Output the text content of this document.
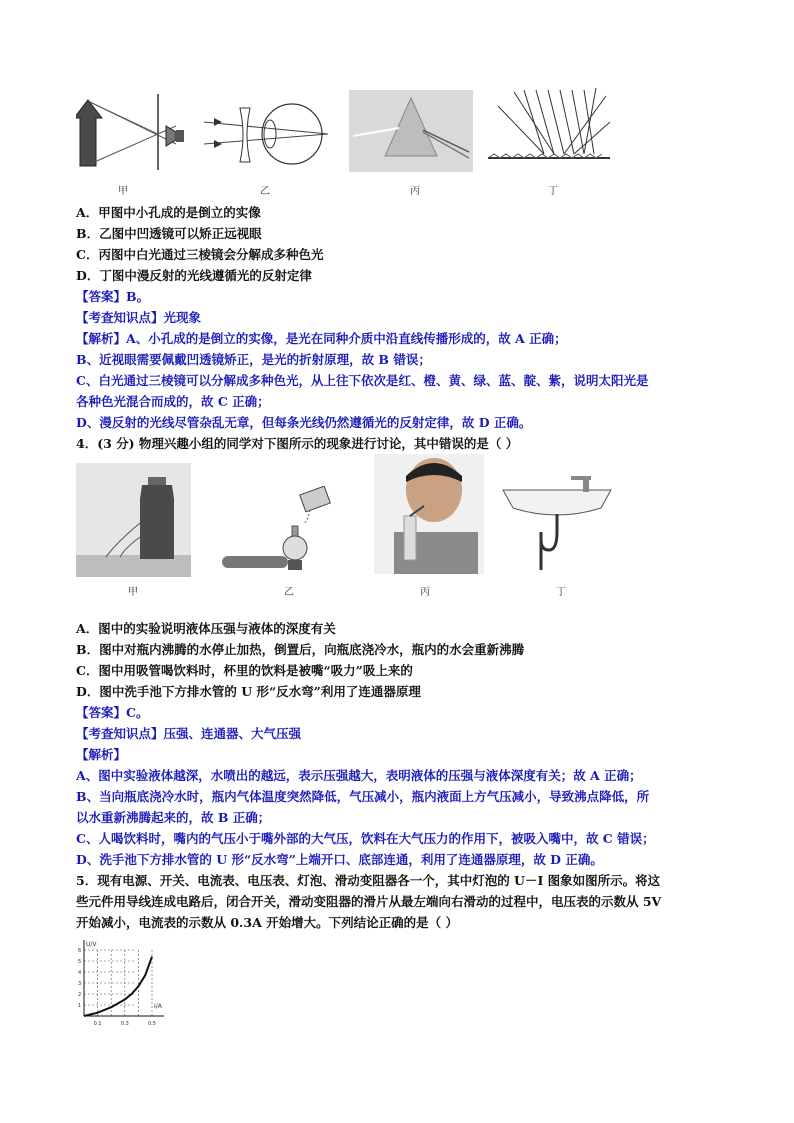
甲	乙	丙	丁
A．甲图中小孔成的是倒立的实像
B．乙图中凹透镜可以矫正远视眼
C．丙图中白光通过三棱镜会分解成多种色光
D．丁图中漫反射的光线遵循光的反射定律
【答案】B。
【考查知识点】光现象
【解析】A、小孔成的是倒立的实像，是光在同种介质中沿直线传播形成的，故 A 正确；
B、近视眼需要佩戴凹透镜矫正，是光的折射原理，故 B 错误；
C、白光通过三棱镜可以分解成多种色光，从上往下依次是红、橙、黄、绿、蓝、靛、紫，说明太阳光是
各种色光混合而成的，故 C 正确；
D、漫反射的光线尽管杂乱无章，但每条光线仍然遵循光的反射定律，故 D 正确。
4．(3 分) 物理兴趣小组的同学对下图所示的现象进行讨论，其中错误的是（ ）
甲	乙	丙	丁
A．图中的实验说明液体压强与液体的深度有关
B．图中对瓶内沸腾的水停止加热，倒置后，向瓶底浇冷水，瓶内的水会重新沸腾
C．图中用吸管喝饮料时，杯里的饮料是被嘴“吸力”吸上来的
D．图中洗手池下方排水管的 U 形“反水弯”利用了连通器原理
【答案】C。
【考查知识点】压强、连通器、大气压强
【解析】
A、图中实验液体越深，水喷出的越远，表示压强越大，表明液体的压强与液体深度有关；故 A 正确；
B、当向瓶底浇冷水时，瓶内气体温度突然降低，气压减小，瓶内液面上方气压减小，导致沸点降低，所
以水重新沸腾起来的，故 B 正确；
C、人喝饮料时，嘴内的气压小于嘴外部的大气压，饮料在大气压力的作用下，被吸入嘴中，故 C 错误；
D、洗手池下方排水管的 U 形“反水弯”上端开口、底部连通，利用了连通器原理，故 D 正确。
5．现有电源、开关、电流表、电压表、灯泡、滑动变阻器各一个，其中灯泡的 U－I 图象如图所示。将这
些元件用导线连成电路后，闭合开关，滑动变阻器的滑片从最左端向右滑动的过程中，电压表的示数从 5V
开始减小，电流表的示数从 0.3A 开始增大。下列结论正确的是（ ）
1
2
3
4
5
6
0.1	0.3	0.5
U/V
I/A
